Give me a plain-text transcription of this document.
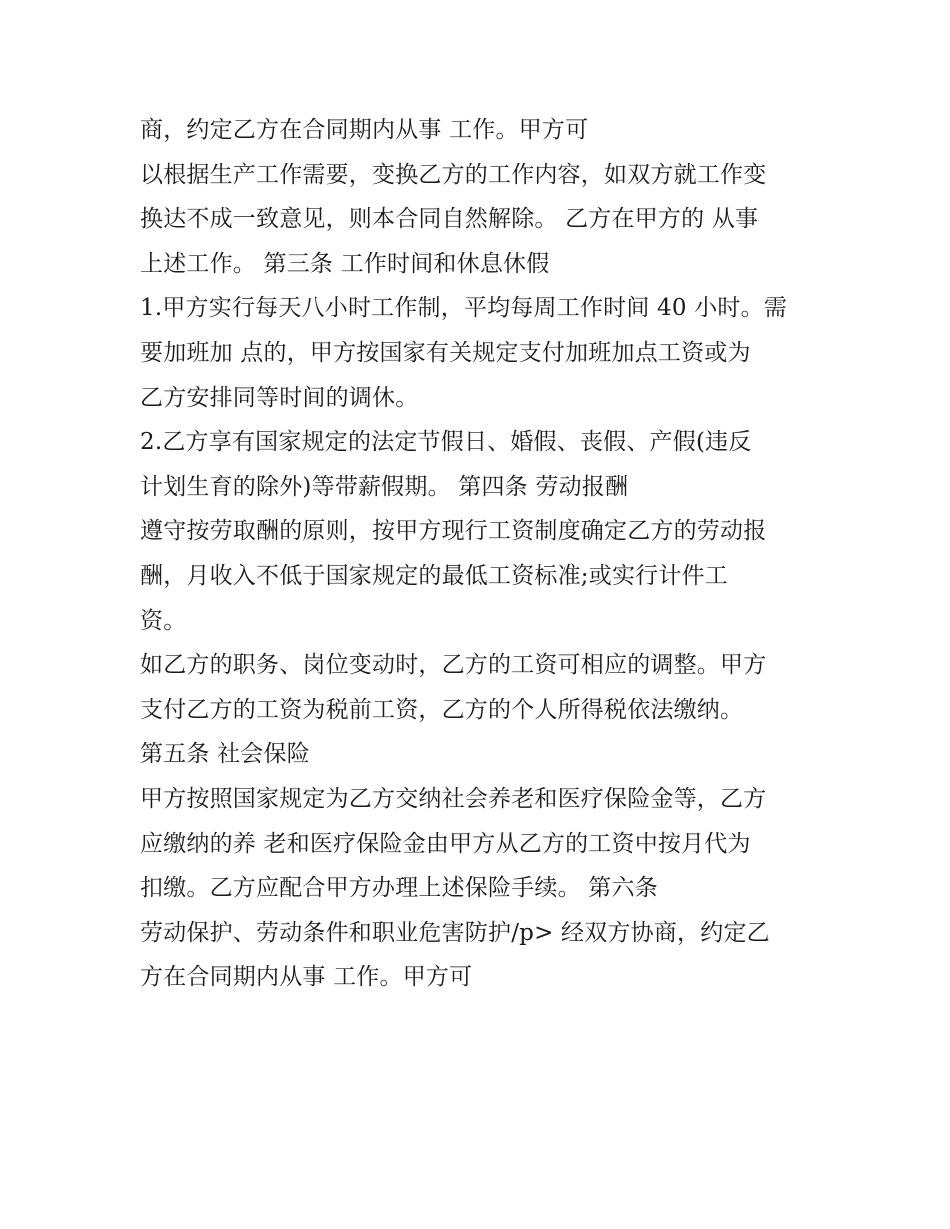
商，约定乙方在合同期内从事 工作。甲方可
以根据生产工作需要，变换乙方的工作内容，如双方就工作变
换达不成一致意见，则本合同自然解除。 乙方在甲方的 从事
上述工作。 第三条 工作时间和休息休假
1.甲方实行每天八小时工作制，平均每周工作时间 40 小时。需
要加班加 点的，甲方按国家有关规定支付加班加点工资或为
乙方安排同等时间的调休。
2.乙方享有国家规定的法定节假日、婚假、丧假、产假(违反
计划生育的除外)等带薪假期。 第四条 劳动报酬
遵守按劳取酬的原则，按甲方现行工资制度确定乙方的劳动报
酬，月收入不低于国家规定的最低工资标准;或实行计件工
资。
如乙方的职务、岗位变动时，乙方的工资可相应的调整。甲方
支付乙方的工资为税前工资，乙方的个人所得税依法缴纳。
第五条 社会保险
甲方按照国家规定为乙方交纳社会养老和医疗保险金等，乙方
应缴纳的养 老和医疗保险金由甲方从乙方的工资中按月代为
扣缴。乙方应配合甲方办理上述保险手续。 第六条
劳动保护、劳动条件和职业危害防护/p> 经双方协商，约定乙
方在合同期内从事 工作。甲方可
